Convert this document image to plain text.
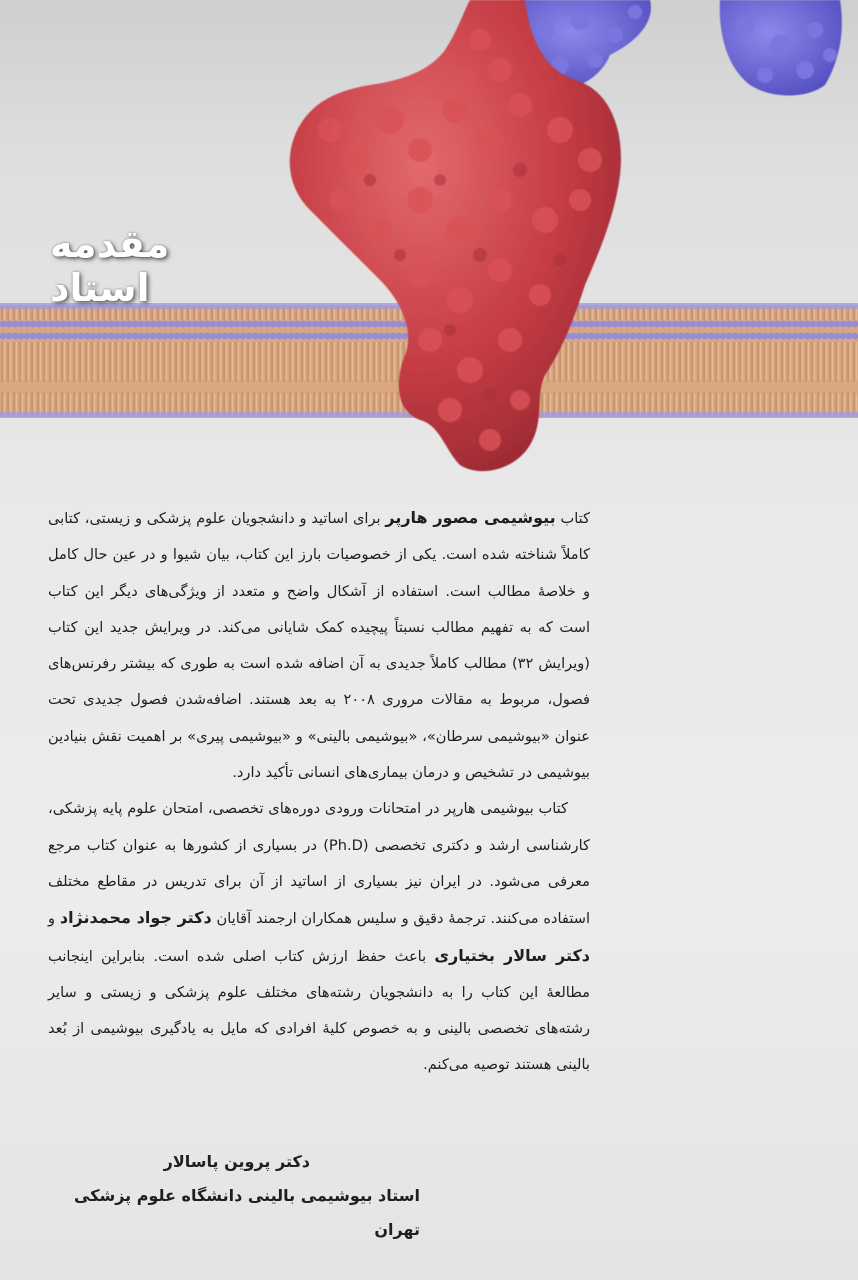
مقدمه استاد

کتاب بیوشیمی مصور هارپر برای اساتید و دانشجویان علوم پزشکی و زیستی، کتابی کاملاً شناخته شده است. یکی از خصوصیات بارز این کتاب، بیان شیوا و در عین حال کامل و خلاصهٔ مطالب است. استفاده از آشکال واضح و متعدد از ویژگی‌های دیگر این کتاب است که به تفهیم مطالب نسبتاً پیچیده کمک شایانی می‌کند. در ویرایش جدید این کتاب (ویرایش ۳۲) مطالب کاملاً جدیدی به آن اضافه شده است به طوری که بیشتر رفرنس‌های فصول، مربوط به مقالات مروری ۲۰۰۸ به بعد هستند. اضافه‌شدن فصول جدیدی تحت عنوان «بیوشیمی سرطان»، «بیوشیمی بالینی» و «بیوشیمی پیری» بر اهمیت نقش بنیادین بیوشیمی در تشخیص و درمان بیماری‌های انسانی تأکید دارد.

کتاب بیوشیمی هارپر در امتحانات ورودی دوره‌های تخصصی، امتحان علوم پایه پزشکی، کارشناسی ارشد و دکتری تخصصی (Ph.D) در بسیاری از کشورها به عنوان کتاب مرجع معرفی می‌شود. در ایران نیز بسیاری از اساتید از آن برای تدریس در مقاطع مختلف استفاده می‌کنند. ترجمهٔ دقیق و سلیس همکاران ارجمند آقایان دکتر جواد محمدنژاد و دکتر سالار بختیاری باعث حفظ ارزش کتاب اصلی شده است. بنابراین اینجانب مطالعهٔ این کتاب را به دانشجویان رشته‌های مختلف علوم پزشکی و زیستی و سایر رشته‌های تخصصی بالینی و به خصوص کلیهٔ افرادی که مایل به یادگیری بیوشیمی از بُعد بالینی هستند توصیه می‌کنم.

دکتر پروین پاسالار
استاد بیوشیمی بالینی دانشگاه علوم پزشکی تهران
